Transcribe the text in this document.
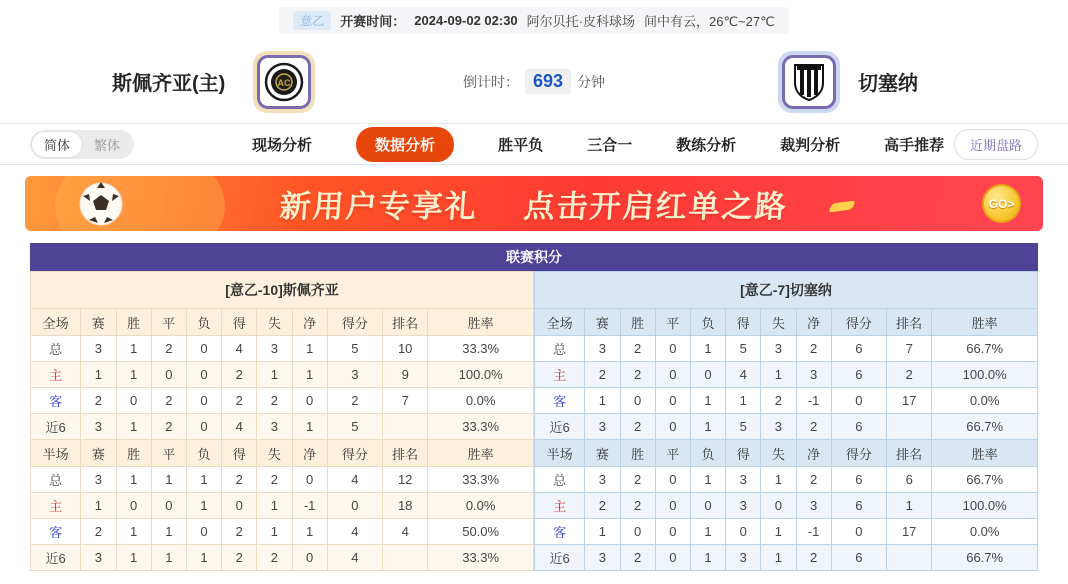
意乙	开赛时间： 2024-09-02 02:30 阿尔贝托·皮科球场 间中有云，26℃~27℃
斯佩齐亚(主)	AC	倒计时： 693	分钟	切塞纳
简体	繁体	现场分析	数据分析	胜平负	三合一	教练分析	裁判分析	高手推荐	近期盘路
新用户专享礼 点击开启红单之路	GO>
联赛积分
[意乙-10]斯佩齐亚										
全场	赛	胜	平	负	得	失	净	得分	排名	胜率
总	3	1	2	0	4	3	1	5	10	33.3%
主	1	1	0	0	2	1	1	3	9	100.0%
客	2	0	2	0	2	2	0	2	7	0.0%
近6	3	1	2	0	4	3	1	5		33.3%
半场	赛	胜	平	负	得	失	净	得分	排名	胜率
总	3	1	1	1	2	2	0	4	12	33.3%
主	1	0	0	1	0	1	-1	0	18	0.0%
客	2	1	1	0	2	1	1	4	4	50.0%
近6	3	1	1	1	2	2	0	4		33.3%
[意乙-7]切塞纳										
全场	赛	胜	平	负	得	失	净	得分	排名	胜率
总	3	2	0	1	5	3	2	6	7	66.7%
主	2	2	0	0	4	1	3	6	2	100.0%
客	1	0	0	1	1	2	-1	0	17	0.0%
近6	3	2	0	1	5	3	2	6		66.7%
半场	赛	胜	平	负	得	失	净	得分	排名	胜率
总	3	2	0	1	3	1	2	6	6	66.7%
主	2	2	0	0	3	0	3	6	1	100.0%
客	1	0	0	1	0	1	-1	0	17	0.0%
近6	3	2	0	1	3	1	2	6		66.7%
